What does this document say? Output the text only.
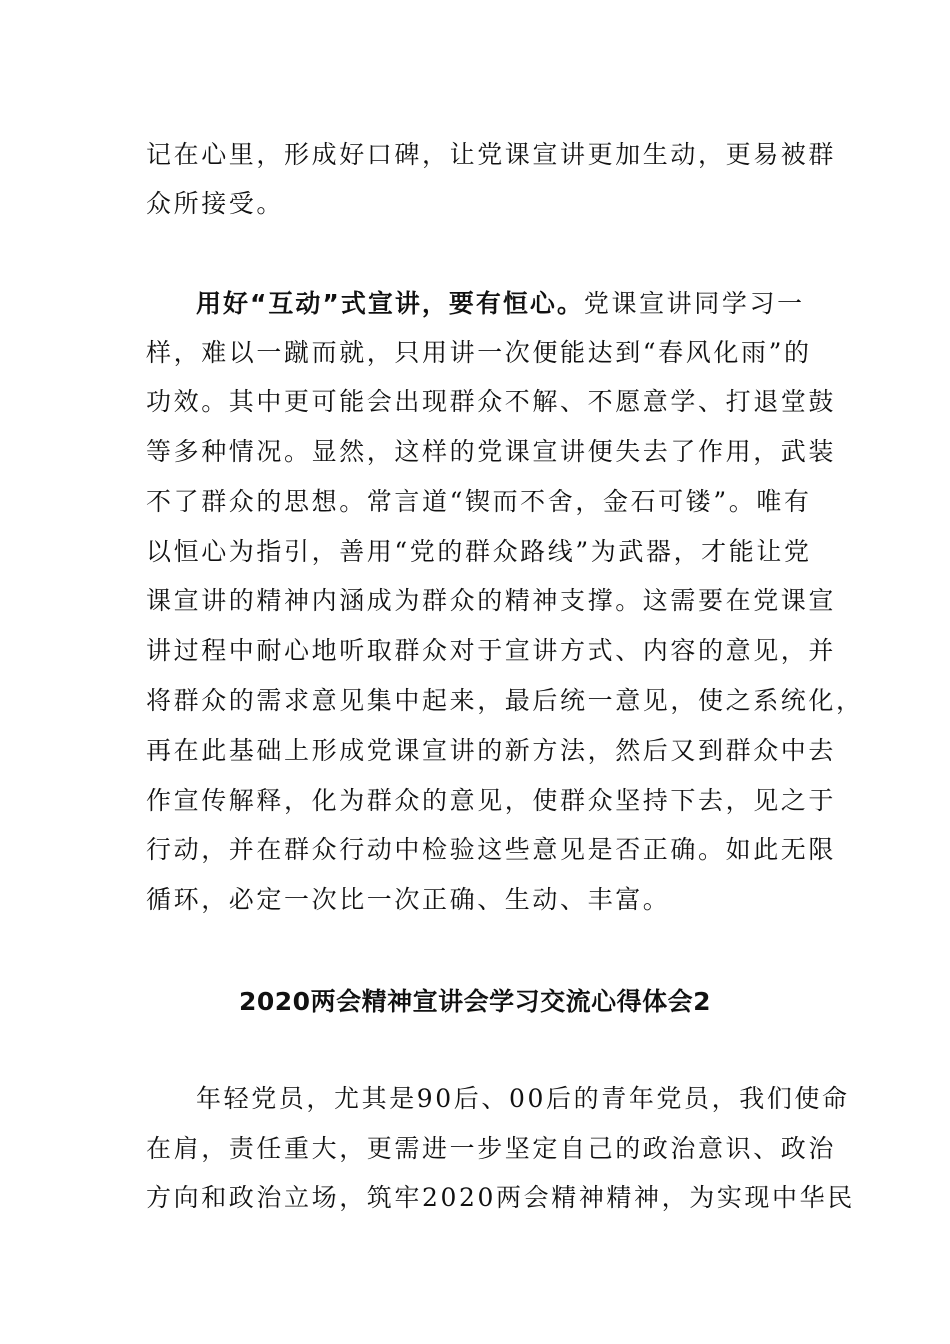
记在心里，形成好口碑，让党课宣讲更加生动，更易被群
众所接受。
用好“互动”式宣讲，要有恒心。党课宣讲同学习一
样，难以一蹴而就，只用讲一次便能达到“春风化雨”的
功效。其中更可能会出现群众不解、不愿意学、打退堂鼓
等多种情况。显然，这样的党课宣讲便失去了作用，武装
不了群众的思想。常言道“锲而不舍，金石可镂”。唯有
以恒心为指引，善用“党的群众路线”为武器，才能让党
课宣讲的精神内涵成为群众的精神支撑。这需要在党课宣
讲过程中耐心地听取群众对于宣讲方式、内容的意见，并
将群众的需求意见集中起来，最后统一意见，使之系统化，
再在此基础上形成党课宣讲的新方法，然后又到群众中去
作宣传解释，化为群众的意见，使群众坚持下去，见之于
行动，并在群众行动中检验这些意见是否正确。如此无限
循环，必定一次比一次正确、生动、丰富。
2020两会精神宣讲会学习交流心得体会2
年轻党员，尤其是90后、00后的青年党员，我们使命
在肩，责任重大，更需进一步坚定自己的政治意识、政治
方向和政治立场，筑牢2020两会精神精神，为实现中华民
